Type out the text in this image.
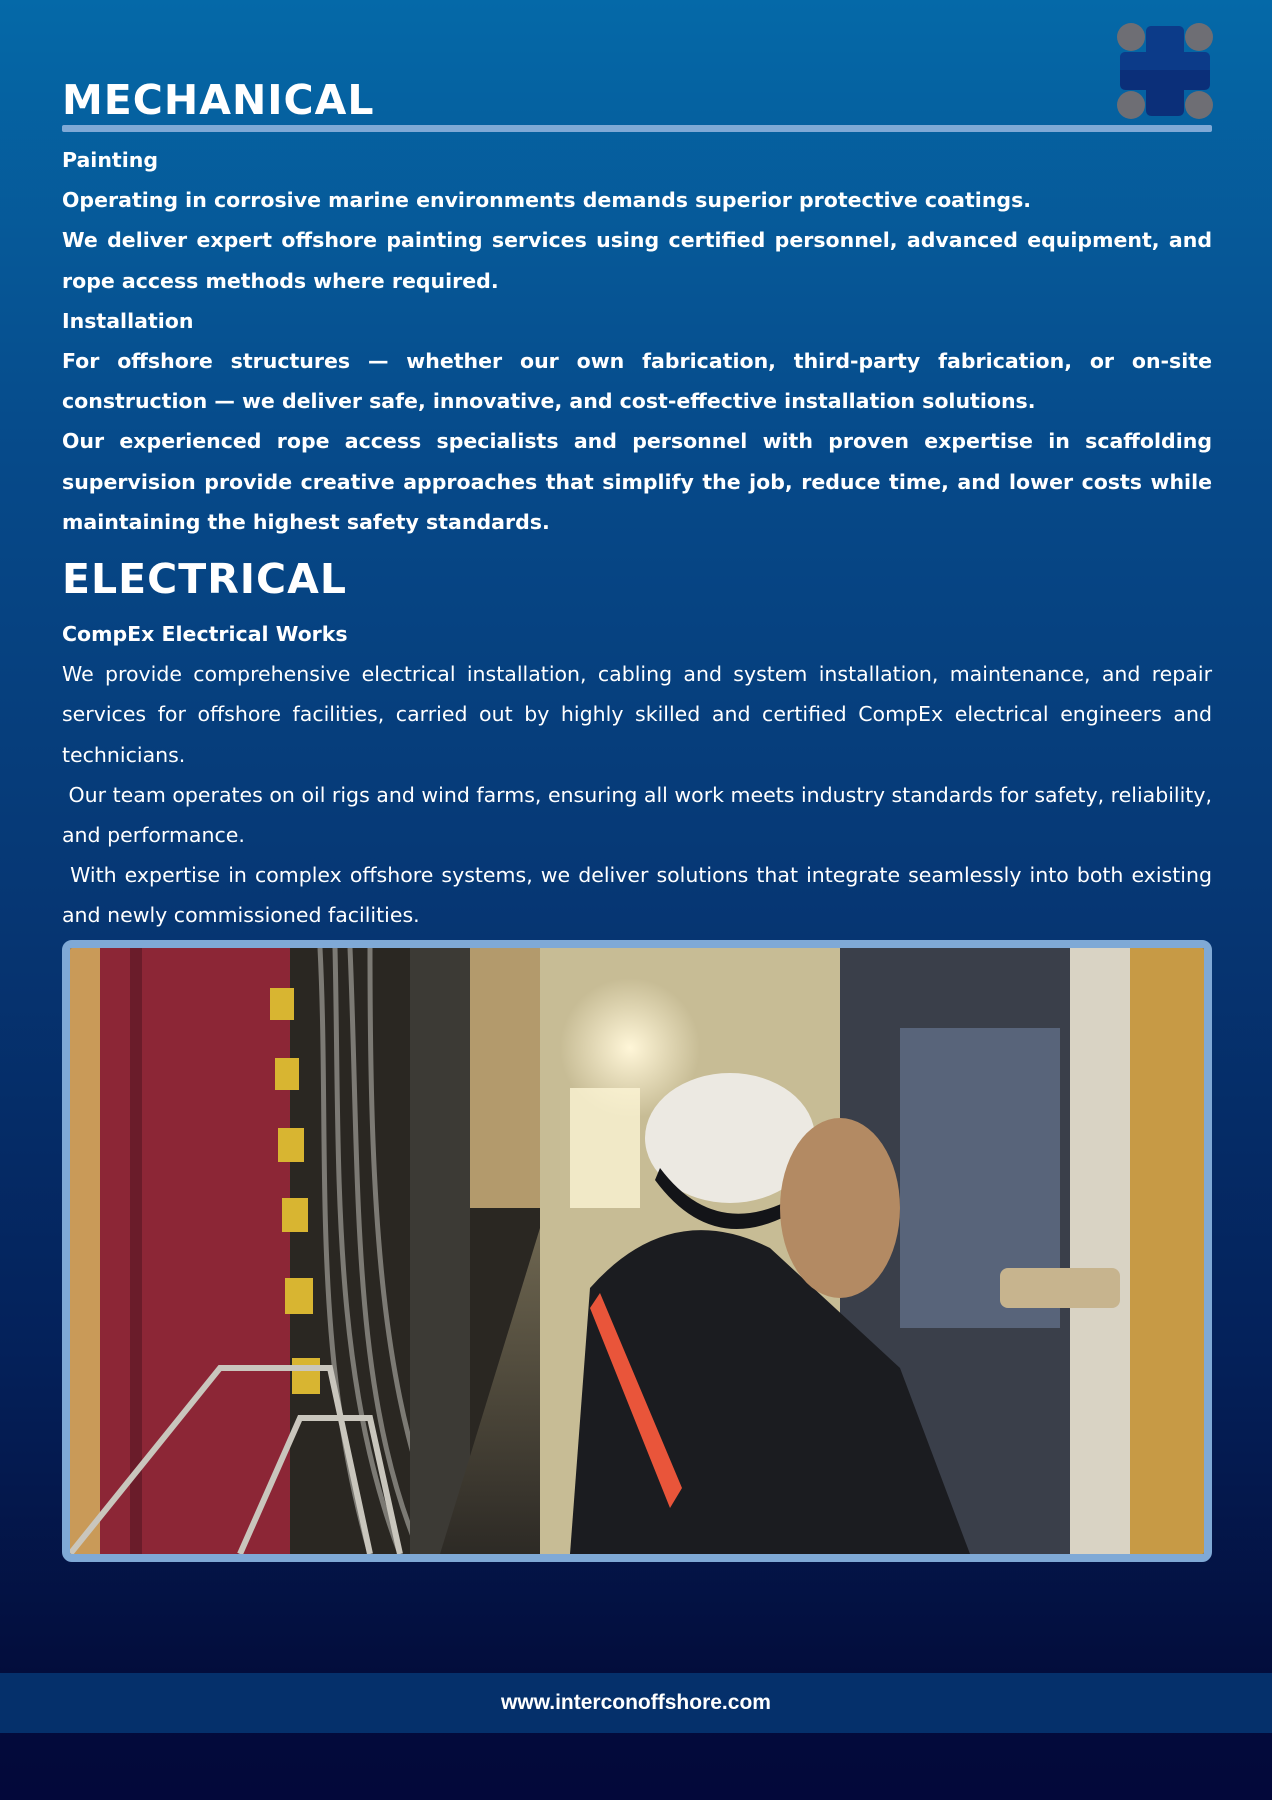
MECHANICAL

Painting

Operating in corrosive marine environments demands superior protective coatings.

We deliver expert offshore painting services using certified personnel, advanced equipment, and rope access methods where required.

Installation

For offshore structures — whether our own fabrication, third-party fabrication, or on-site construction — we deliver safe, innovative, and cost-effective installation solutions.

Our experienced rope access specialists and personnel with proven expertise in scaffolding supervision provide creative approaches that simplify the job, reduce time, and lower costs while maintaining the highest safety standards.

ELECTRICAL

CompEx Electrical Works

We provide comprehensive electrical installation, cabling and system installation, maintenance, and repair services for offshore facilities, carried out by highly skilled and certified CompEx electrical engineers and technicians.

Our team operates on oil rigs and wind farms, ensuring all work meets industry standards for safety, reliability, and performance.

With expertise in complex offshore systems, we deliver solutions that integrate seamlessly into both existing and newly commissioned facilities.

www.interconoffshore.com
